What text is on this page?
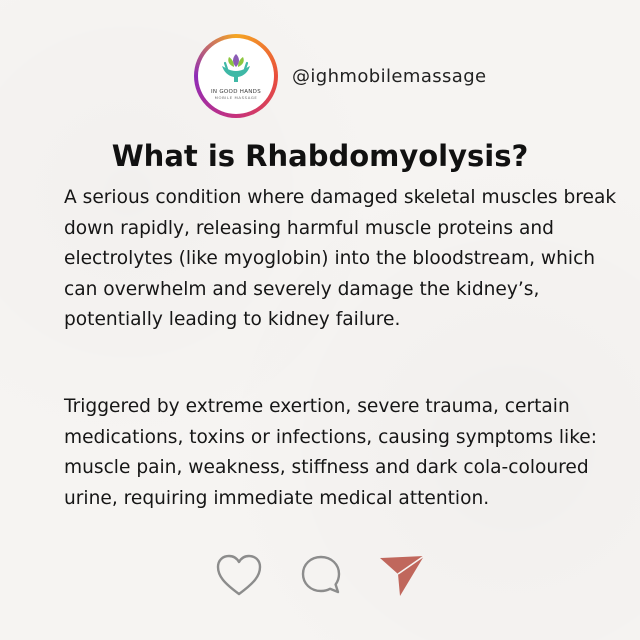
IN GOOD HANDS
MOBILE MASSAGE
@ighmobilemassage
What is Rhabdomyolysis?
A serious condition where damaged skeletal muscles break down rapidly, releasing harmful muscle proteins and electrolytes (like myoglobin) into the bloodstream, which can overwhelm and severely damage the kidney’s, potentially leading to kidney failure.
Triggered by extreme exertion, severe trauma, certain medications, toxins or infections, causing symptoms like: muscle pain, weakness, stiffness and dark cola-coloured urine, requiring immediate medical attention.
